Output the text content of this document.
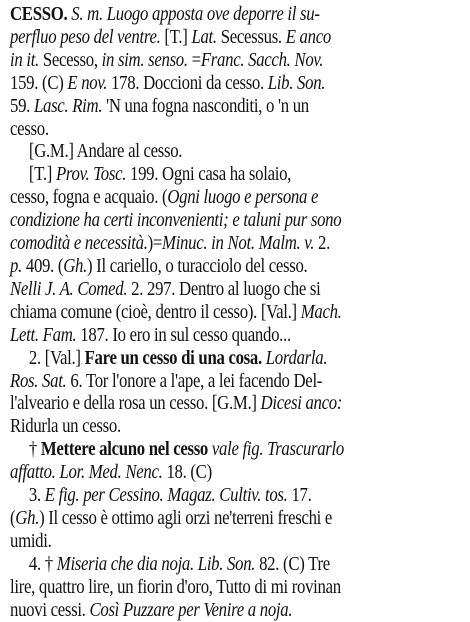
CESSO. S. m. Luogo apposta ove deporre il su-
perfluo peso del ventre. [T.] Lat. Secessus. E anco
in it. Secesso, in sim. senso. =Franc. Sacch. Nov.
159. (C) E nov. 178. Doccioni da cesso. Lib. Son.
59. Lasc. Rim. 'N una fogna nasconditi, o 'n un
cesso.
[G.M.] Andare al cesso.
[T.] Prov. Tosc. 199. Ogni casa ha solaio,
cesso, fogna e acquaio. (Ogni luogo e persona e
condizione ha certi inconvenienti; e taluni pur sono
comodità e necessità.)=Minuc. in Not. Malm. v. 2.
p. 409. (Gh.) Il cariello, o turacciolo del cesso.
Nelli J. A. Comed. 2. 297. Dentro al luogo che si
chiama comune (cioè, dentro il cesso). [Val.] Mach.
Lett. Fam. 187. Io ero in sul cesso quando...
2. [Val.] Fare un cesso di una cosa. Lordarla.
Ros. Sat. 6. Tor l'onore a l'ape, a lei facendo Del-
l'alveario e della rosa un cesso. [G.M.] Dicesi anco:
Ridurla un cesso.
† Mettere alcuno nel cesso vale fig. Trascurarlo
affatto. Lor. Med. Nenc. 18. (C)
3. E fig. per Cessino. Magaz. Cultiv. tos. 17.
(Gh.) Il cesso è ottimo agli orzi ne'terreni freschi e
umidi.
4. † Miseria che dia noja. Lib. Son. 82. (C) Tre
lire, quattro lire, un fiorin d'oro, Tutto di mi rovinan
nuovi cessi. Così Puzzare per Venire a noja.
